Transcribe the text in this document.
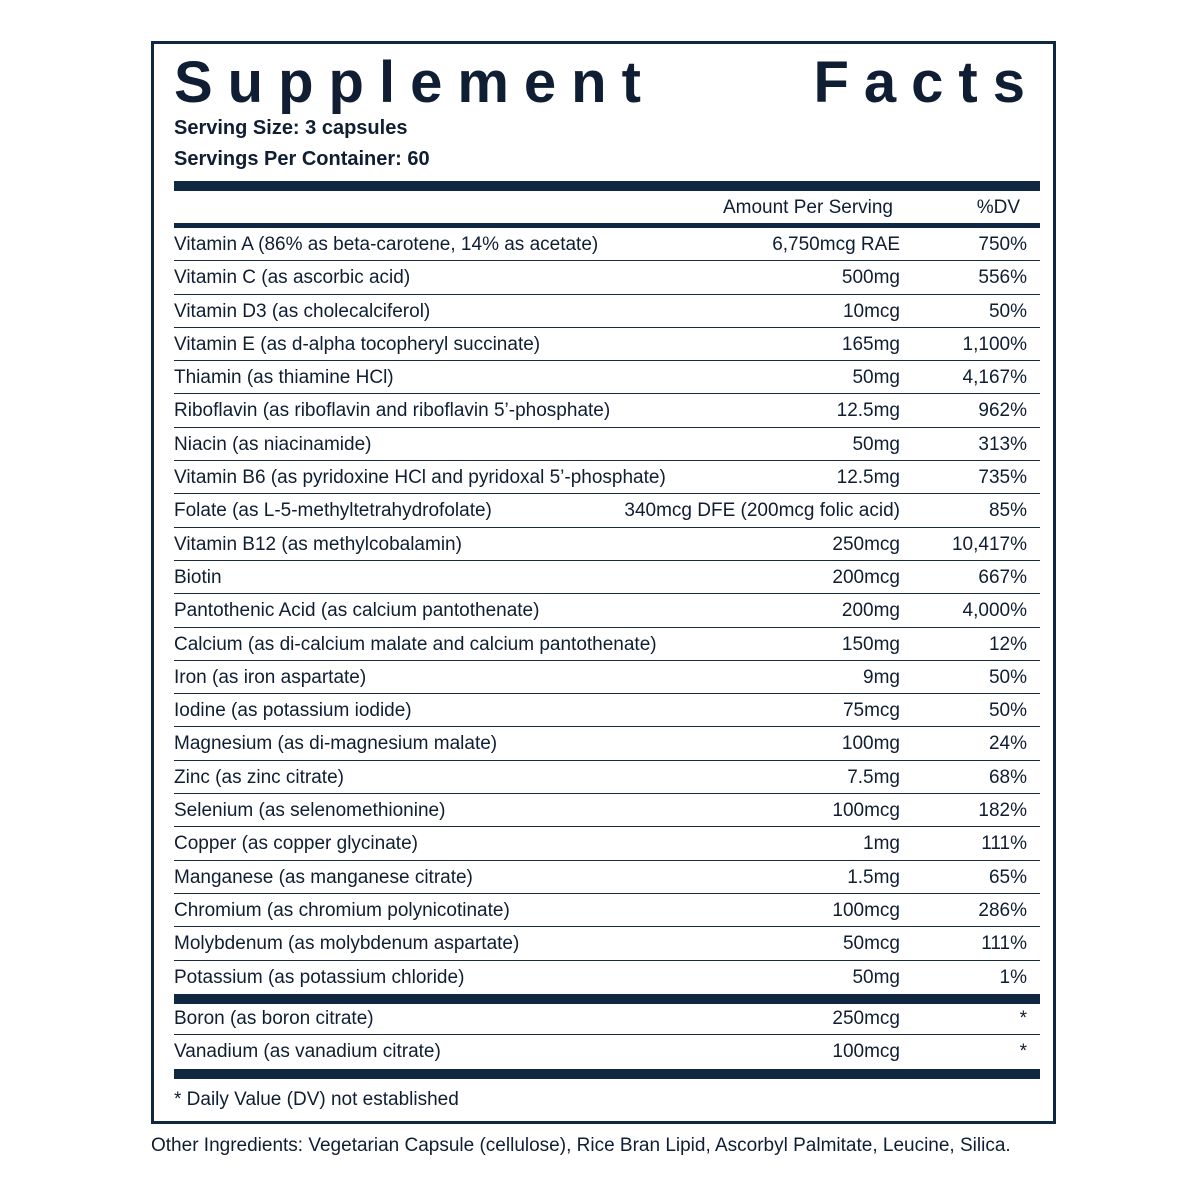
Supplement	Facts
Serving Size: 3 capsules
Servings Per Container: 60
Amount Per Serving	%DV
Vitamin A (86% as beta-carotene, 14% as acetate)	6,750mcg RAE	750%
Vitamin C (as ascorbic acid)	500mg	556%
Vitamin D3 (as cholecalciferol)	10mcg	50%
Vitamin E (as d-alpha tocopheryl succinate)	165mg	1,100%
Thiamin (as thiamine HCl)	50mg	4,167%
Riboflavin (as riboflavin and riboflavin 5’-phosphate)	12.5mg	962%
Niacin (as niacinamide)	50mg	313%
Vitamin B6 (as pyridoxine HCl and pyridoxal 5’-phosphate)	12.5mg	735%
Folate (as L-5-methyltetrahydrofolate)	340mcg DFE (200mcg folic acid)	85%
Vitamin B12 (as methylcobalamin)	250mcg	10,417%
Biotin	200mcg	667%
Pantothenic Acid (as calcium pantothenate)	200mg	4,000%
Calcium (as di-calcium malate and calcium pantothenate)	150mg	12%
Iron (as iron aspartate)	9mg	50%
Iodine (as potassium iodide)	75mcg	50%
Magnesium (as di-magnesium malate)	100mg	24%
Zinc (as zinc citrate)	7.5mg	68%
Selenium (as selenomethionine)	100mcg	182%
Copper (as copper glycinate)	1mg	111%
Manganese (as manganese citrate)	1.5mg	65%
Chromium (as chromium polynicotinate)	100mcg	286%
Molybdenum (as molybdenum aspartate)	50mcg	111%
Potassium (as potassium chloride)	50mg	1%
Boron (as boron citrate)	250mcg	*
Vanadium (as vanadium citrate)	100mcg	*
* Daily Value (DV) not established
Other Ingredients: Vegetarian Capsule (cellulose), Rice Bran Lipid, Ascorbyl Palmitate, Leucine, Silica.
